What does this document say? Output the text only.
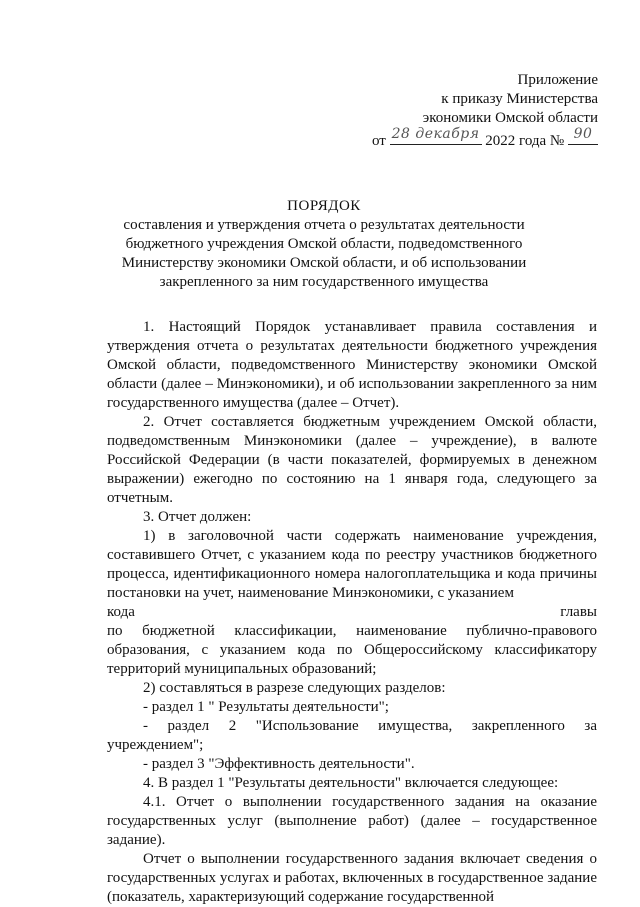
Приложение
к приказу Министерства
экономики Омской области
от 28 декабря 2022 года № 90
ПОРЯДОК
составления и утверждения отчета о результатах деятельности бюджетного учреждения Омской области, подведомственного Министерству экономики Омской области, и об использовании закрепленного за ним государственного имущества

1. Настоящий Порядок устанавливает правила составления и утверждения отчета о результатах деятельности бюджетного учреждения Омской области, подведомственного Министерству экономики Омской области (далее – Минэкономики), и об использовании закрепленного за ним государственного имущества (далее – Отчет).

2. Отчет составляется бюджетным учреждением Омской области, подведомственным Минэкономики (далее – учреждение), в валюте Российской Федерации (в части показателей, формируемых в денежном выражении) ежегодно по состоянию на 1 января года, следующего за отчетным.

3. Отчет должен:

1) в заголовочной части содержать наименование учреждения, составившего Отчет, с указанием кода по реестру участников бюджетного процесса, идентификационного номера налогоплательщика и кода причины постановки на учет, наименование Минэкономики, с указанием

кода	главы

по бюджетной классификации, наименование публично-правового образования, с указанием кода по Общероссийскому классификатору территорий муниципальных образований;

2) составляться в разрезе следующих разделов:

- раздел 1 " Результаты деятельности";

- раздел 2 "Использование имущества, закрепленного за учреждением";

- раздел 3 "Эффективность деятельности".

4. В раздел 1 "Результаты деятельности" включается следующее:

4.1. Отчет о выполнении государственного задания на оказание государственных услуг (выполнение работ) (далее – государственное задание).

Отчет о выполнении государственного задания включает сведения о государственных услугах и работах, включенных в государственное задание (показатель, характеризующий содержание государственной
